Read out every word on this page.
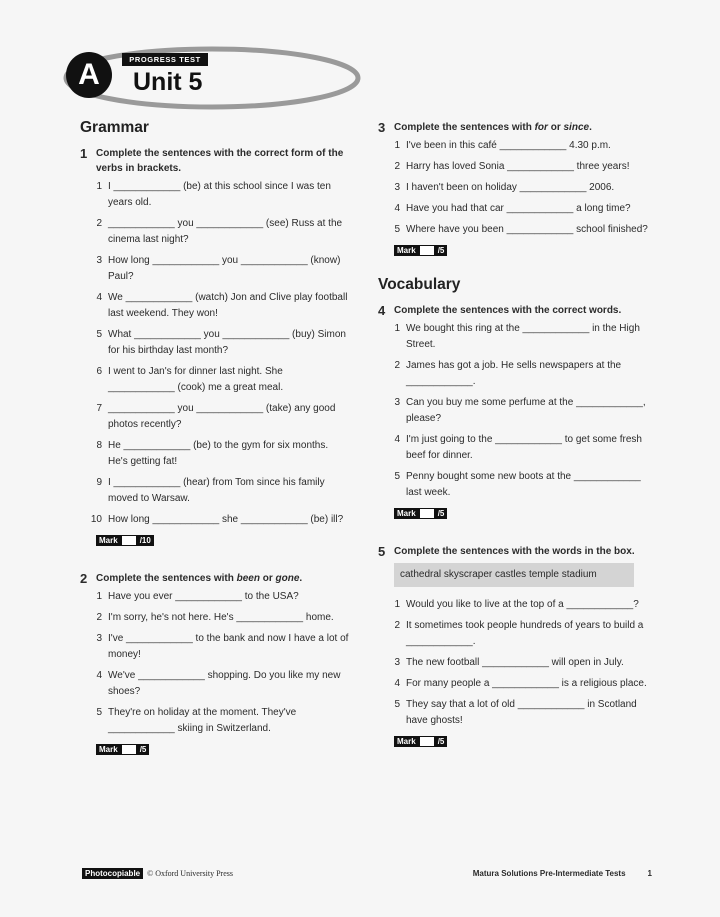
A	PROGRESS TEST
Unit 5
Grammar
1 Complete the sentences with the correct form of the verbs in brackets.
1 I ____________ (be) at this school since I was ten years old.
2 ____________ you ____________ (see) Russ at the cinema last night?
3 How long ____________ you ____________ (know) Paul?
4 We ____________ (watch) Jon and Clive play football last weekend. They won!
5 What ____________ you ____________ (buy) Simon for his birthday last month?
6 I went to Jan's for dinner last night. She ____________ (cook) me a great meal.
7 ____________ you ____________ (take) any good photos recently?
8 He ____________ (be) to the gym for six months. He's getting fat!
9 I ____________ (hear) from Tom since his family moved to Warsaw.
10 How long ____________ she ____________ (be) ill?
Mark	/10
2 Complete the sentences with been or gone.
1 Have you ever ____________ to the USA?
2 I'm sorry, he's not here. He's ____________ home.
3 I've ____________ to the bank and now I have a lot of money!
4 We've ____________ shopping. Do you like my new shoes?
5 They're on holiday at the moment. They've ____________ skiing in Switzerland.
Mark	/5
3 Complete the sentences with for or since.
1 I've been in this café ____________ 4.30 p.m.
2 Harry has loved Sonia ____________ three years!
3 I haven't been on holiday ____________ 2006.
4 Have you had that car ____________ a long time?
5 Where have you been ____________ school finished?
Mark	/5
Vocabulary
4 Complete the sentences with the correct words.
1 We bought this ring at the ____________ in the High Street.
2 James has got a job. He sells newspapers at the ____________.
3 Can you buy me some perfume at the ____________, please?
4 I'm just going to the ____________ to get some fresh beef for dinner.
5 Penny bought some new boots at the ____________ last week.
Mark	/5
5 Complete the sentences with the words in the box.
cathedral skyscraper castles temple stadium
1 Would you like to live at the top of a ____________?
2 It sometimes took people hundreds of years to build a ____________.
3 The new football ____________ will open in July.
4 For many people a ____________ is a religious place.
5 They say that a lot of old ____________ in Scotland have ghosts!
Mark	/5
Photocopiable © Oxford University Press	Matura Solutions Pre-Intermediate Tests	1
